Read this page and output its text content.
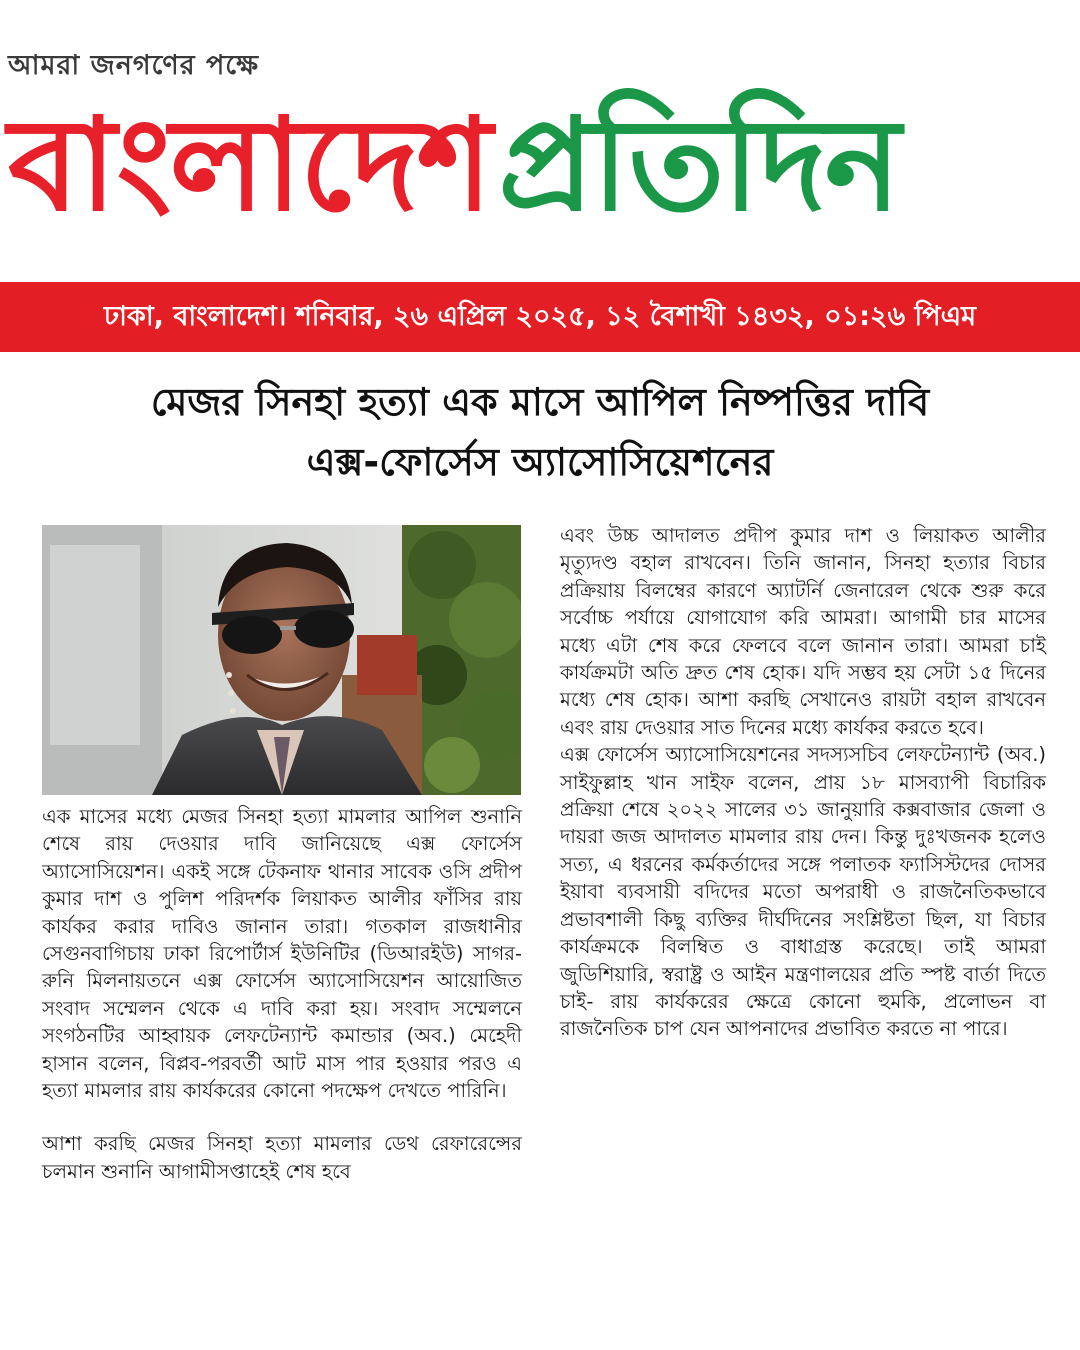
আমরা জনগণের পক্ষে
বাংলাদেশপ্রতিদিন
ঢাকা, বাংলাদেশ। শনিবার, ২৬ এপ্রিল ২০২৫, ১২ বৈশাখী ১৪৩২, ০১:২৬ পিএম
মেজর সিনহা হত্যা এক মাসে আপিল নিষ্পত্তির দাবি
এক্স-ফোর্সেস অ্যাসোসিয়েশনের

এক মাসের মধ্যে মেজর সিনহা হত্যা মামলার আপিল শুনানি শেষে রায় দেওয়ার দাবি জানিয়েছে এক্স ফোর্সেস অ্যাসোসিয়েশন। একই সঙ্গে টেকনাফ থানার সাবেক ওসি প্রদীপ কুমার দাশ ও পুলিশ পরিদর্শক লিয়াকত আলীর ফাঁসির রায় কার্যকর করার দাবিও জানান তারা। গতকাল রাজধানীর সেগুনবাগিচায় ঢাকা রিপোর্টার্স ইউনিটির (ডিআরইউ) সাগর-রুনি মিলনায়তনে এক্স ফোর্সেস অ্যাসোসিয়েশন আয়োজিত সংবাদ সম্মেলন থেকে এ দাবি করা হয়। সংবাদ সম্মেলনে সংগঠনটির আহ্বায়ক লেফটেন্যান্ট কমান্ডার (অব.) মেহেদী হাসান বলেন, বিপ্লব-পরবর্তী আট মাস পার হওয়ার পরও এ হত্যা মামলার রায় কার্যকরের কোনো পদক্ষেপ দেখতে পারিনি।

আশা করছি মেজর সিনহা হত্যা মামলার ডেথ রেফারেন্সের চলমান শুনানি আগামীসপ্তাহেই শেষ হবে

এবং উচ্চ আদালত প্রদীপ কুমার দাশ ও লিয়াকত আলীর মৃত্যুদণ্ড বহাল রাখবেন। তিনি জানান, সিনহা হত্যার বিচার প্রক্রিয়ায় বিলম্বের কারণে অ্যাটর্নি জেনারেল থেকে শুরু করে সর্বোচ্চ পর্যায়ে যোগাযোগ করি আমরা। আগামী চার মাসের মধ্যে এটা শেষ করে ফেলবে বলে জানান তারা। আমরা চাই কার্যক্রমটা অতি দ্রুত শেষ হোক। যদি সম্ভব হয় সেটা ১৫ দিনের মধ্যে শেষ হোক। আশা করছি সেখানেও রায়টা বহাল রাখবেন এবং রায় দেওয়ার সাত দিনের মধ্যে কার্যকর করতে হবে।

এক্স ফোর্সেস অ্যাসোসিয়েশনের সদস্যসচিব লেফটেন্যান্ট (অব.) সাইফুল্লাহ খান সাইফ বলেন, প্রায় ১৮ মাসব্যাপী বিচারিক প্রক্রিয়া শেষে ২০২২ সালের ৩১ জানুয়ারি কক্সবাজার জেলা ও দায়রা জজ আদালত মামলার রায় দেন। কিন্তু দুঃখজনক হলেও সত্য, এ ধরনের কর্মকর্তাদের সঙ্গে পলাতক ফ্যাসিস্টদের দোসর ইয়াবা ব্যবসায়ী বদিদের মতো অপরাধী ও রাজনৈতিকভাবে প্রভাবশালী কিছু ব্যক্তির দীর্ঘদিনের সংশ্লিষ্টতা ছিল, যা বিচার কার্যক্রমকে বিলম্বিত ও বাধাগ্রস্ত করেছে। তাই আমরা জুডিশিয়ারি, স্বরাষ্ট্র ও আইন মন্ত্রণালয়ের প্রতি স্পষ্ট বার্তা দিতে চাই- রায় কার্যকরের ক্ষেত্রে কোনো হুমকি, প্রলোভন বা রাজনৈতিক চাপ যেন আপনাদের প্রভাবিত করতে না পারে।
